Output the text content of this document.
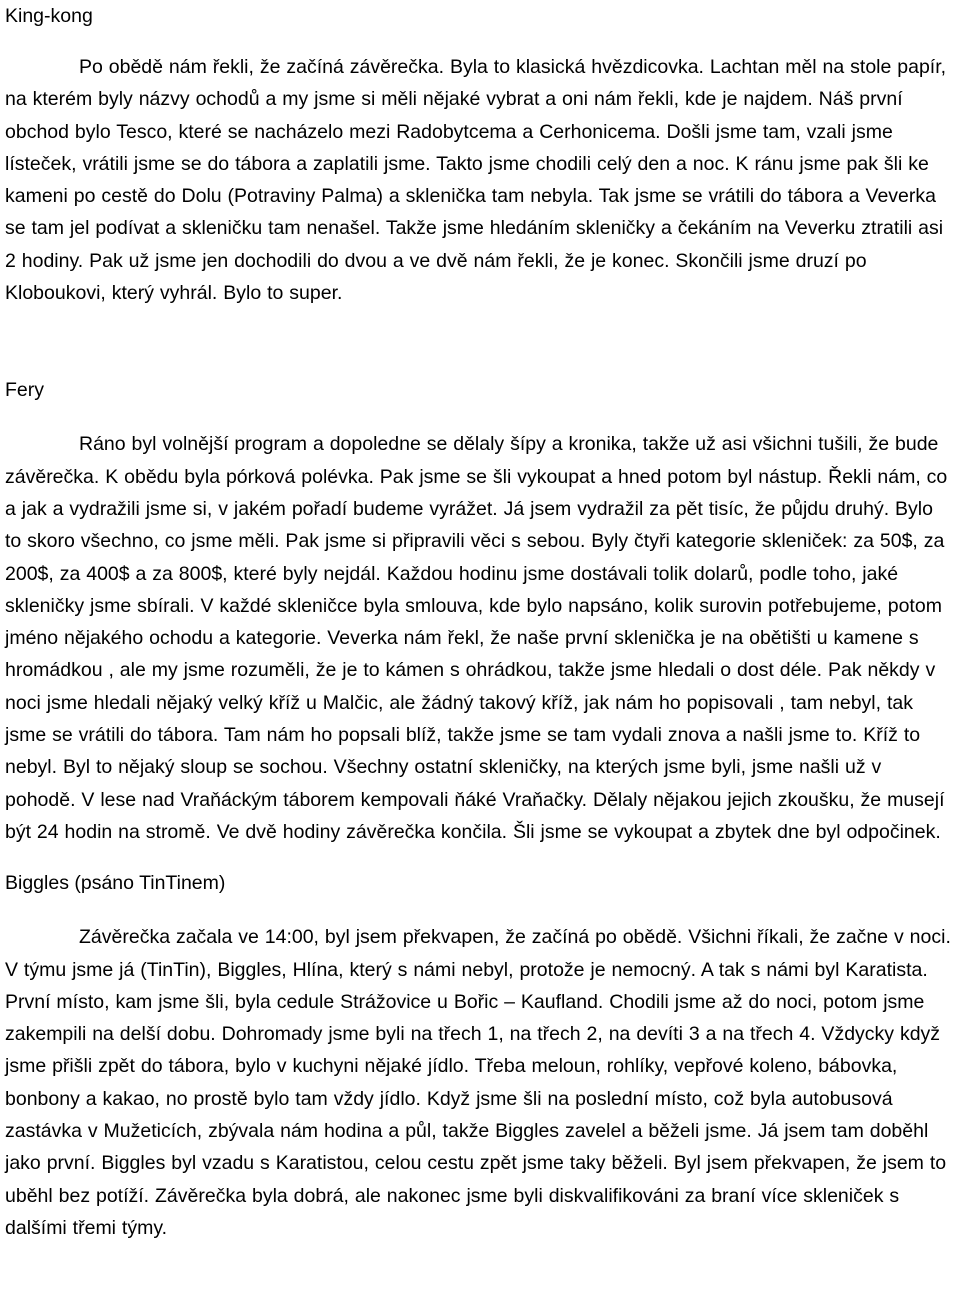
King-kong

Po obědě nám řekli, že začíná závěrečka. Byla to klasická hvězdicovka. Lachtan měl na stole papír, na kterém byly názvy ochodů a my jsme si měli nějaké vybrat a oni nám řekli, kde je najdem. Náš první obchod bylo Tesco, které se nacházelo mezi Radobytcema a Cerhonicema. Došli jsme tam, vzali jsme lísteček, vrátili jsme se do tábora a zaplatili jsme. Takto jsme chodili celý den a noc. K ránu jsme pak šli ke kameni po cestě do Dolu (Potraviny Palma) a sklenička tam nebyla. Tak jsme se vrátili do tábora a Veverka se tam jel podívat a skleničku tam nenašel. Takže jsme hledáním skleničky a čekáním na Veverku ztratili asi 2 hodiny. Pak už jsme jen dochodili do dvou a ve dvě nám řekli, že je konec. Skončili jsme druzí po Kloboukovi, který vyhrál. Bylo to super.

Fery

Ráno byl volnější program a dopoledne se dělaly šípy a kronika, takže už asi všichni tušili, že bude závěrečka. K obědu byla pórková polévka. Pak jsme se šli vykoupat a hned potom byl nástup. Řekli nám, co a jak a vydražili jsme si, v jakém pořadí budeme vyrážet. Já jsem vydražil za pět tisíc, že půjdu druhý. Bylo to skoro všechno, co jsme měli. Pak jsme si připravili věci s sebou. Byly čtyři kategorie skleniček: za 50$, za 200$, za 400$ a za 800$, které byly nejdál. Každou hodinu jsme dostávali tolik dolarů, podle toho, jaké skleničky jsme sbírali. V každé skleničce byla smlouva, kde bylo napsáno, kolik surovin potřebujeme, potom jméno nějakého ochodu a kategorie. Veverka nám řekl, že naše první sklenička je na obětišti u kamene s hromádkou , ale my jsme rozuměli, že je to kámen s ohrádkou, takže jsme hledali o dost déle. Pak někdy v noci jsme hledali nějaký velký kříž u Malčic, ale žádný takový kříž, jak nám ho popisovali , tam nebyl, tak jsme se vrátili do tábora. Tam nám ho popsali blíž, takže jsme se tam vydali znova a našli jsme to. Kříž to nebyl. Byl to nějaký sloup se sochou. Všechny ostatní skleničky, na kterých jsme byli, jsme našli už v pohodě. V lese nad Vraňáckým táborem kempovali ňáké Vraňačky. Dělaly nějakou jejich zkoušku, že musejí být 24 hodin na stromě. Ve dvě hodiny závěrečka končila. Šli jsme se vykoupat a zbytek dne byl odpočinek.

Biggles (psáno TinTinem)

Závěrečka začala ve 14:00, byl jsem překvapen, že začíná po obědě. Všichni říkali, že začne v noci. V týmu jsme já (TinTin), Biggles, Hlína, který s námi nebyl, protože je nemocný. A tak s námi byl Karatista. První místo, kam jsme šli, byla cedule Strážovice u Bořic – Kaufland. Chodili jsme až do noci, potom jsme zakempili na delší dobu. Dohromady jsme byli na třech 1, na třech 2, na devíti 3 a na třech 4. Vždycky když jsme přišli zpět do tábora, bylo v kuchyni nějaké jídlo. Třeba meloun, rohlíky, vepřové koleno, bábovka, bonbony a kakao, no prostě bylo tam vždy jídlo. Když jsme šli na poslední místo, což byla autobusová zastávka v Mužeticích, zbývala nám hodina a půl, takže Biggles zavelel a běželi jsme. Já jsem tam doběhl jako první. Biggles byl vzadu s Karatistou, celou cestu zpět jsme taky běželi. Byl jsem překvapen, že jsem to uběhl bez potíží. Závěrečka byla dobrá, ale nakonec jsme byli diskvalifikováni za braní více skleniček s dalšími třemi týmy.
